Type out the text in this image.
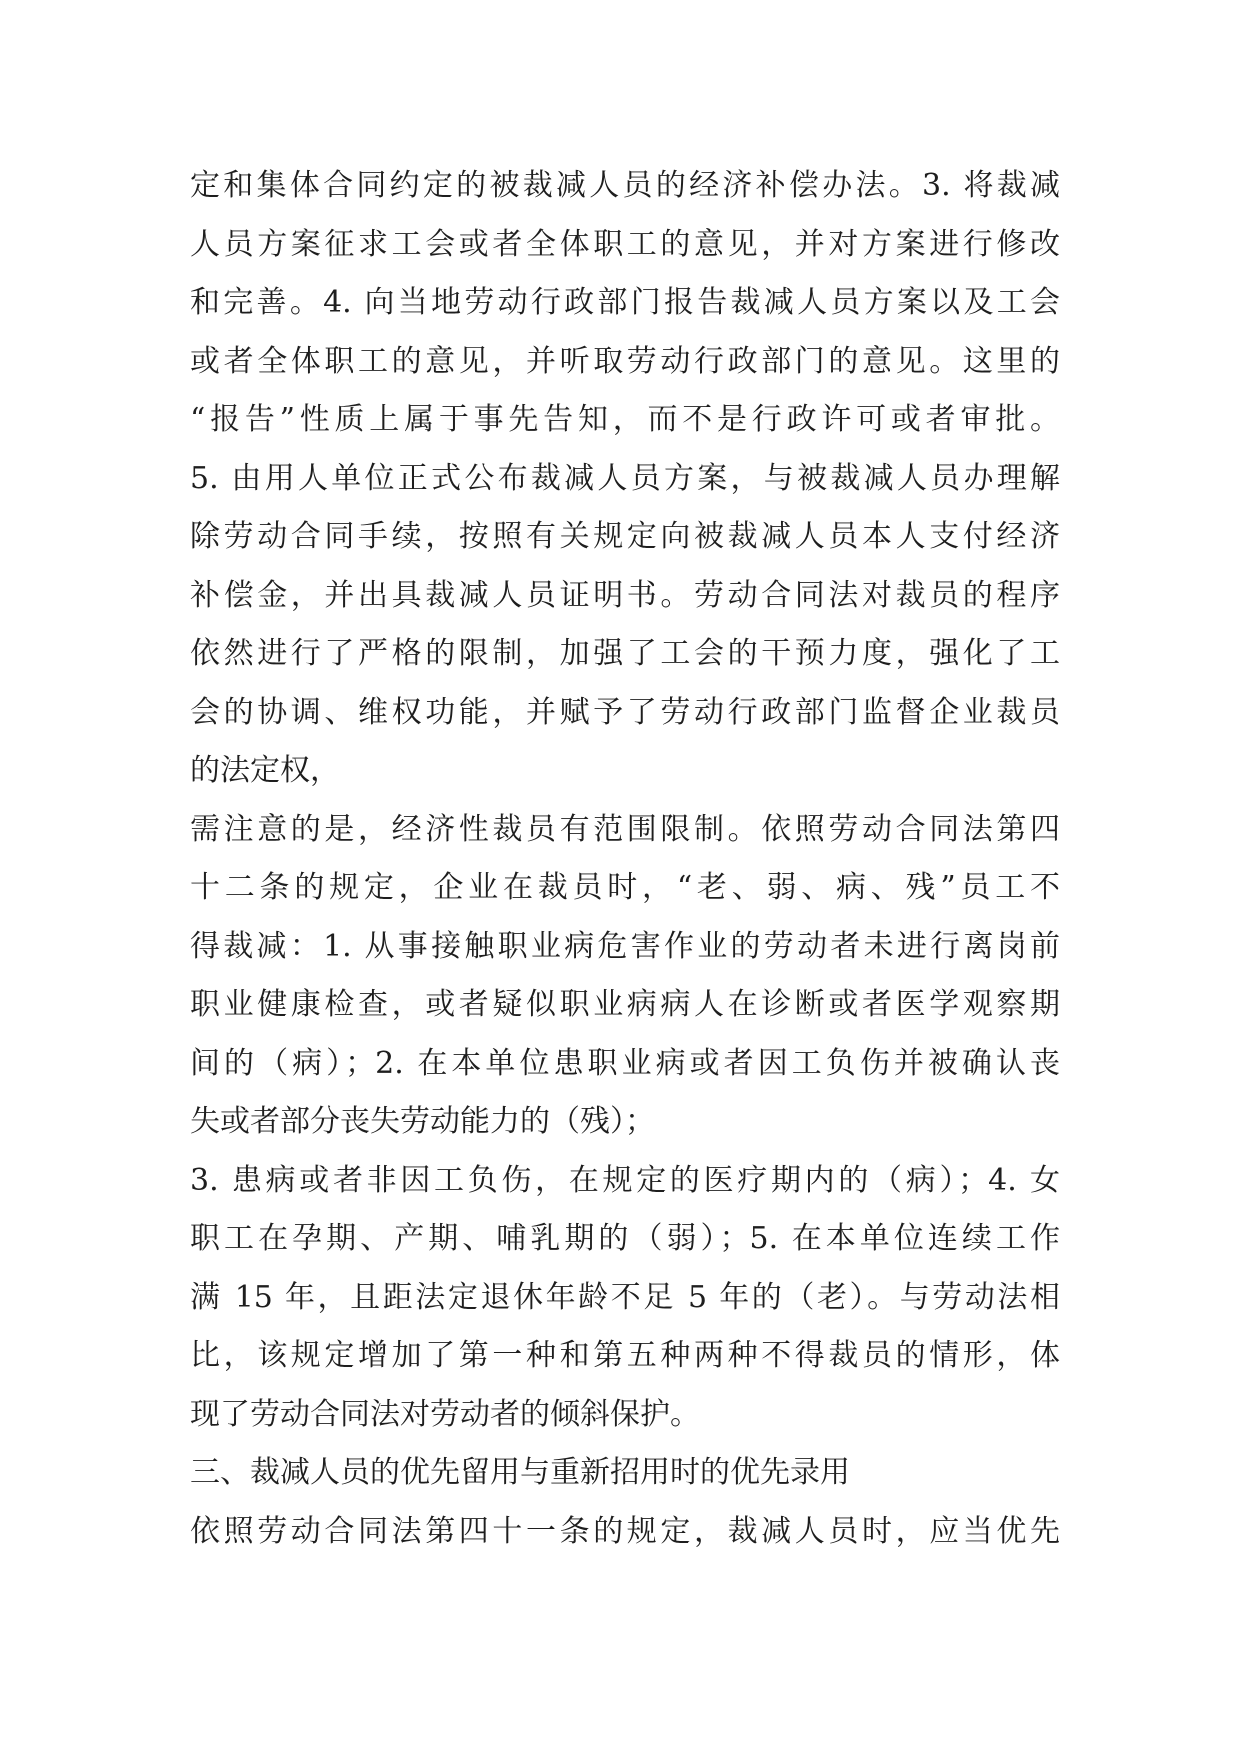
定和集体合同约定的被裁减人员的经济补偿办法。3. 将裁减
人员方案征求工会或者全体职工的意见，并对方案进行修改
和完善。4. 向当地劳动行政部门报告裁减人员方案以及工会
或者全体职工的意见，并听取劳动行政部门的意见。这里的
“报告”性质上属于事先告知，而不是行政许可或者审批。
5. 由用人单位正式公布裁减人员方案，与被裁减人员办理解
除劳动合同手续，按照有关规定向被裁减人员本人支付经济
补偿金，并出具裁减人员证明书。劳动合同法对裁员的程序
依然进行了严格的限制，加强了工会的干预力度，强化了工
会的协调、维权功能，并赋予了劳动行政部门监督企业裁员
的法定权，
需注意的是，经济性裁员有范围限制。依照劳动合同法第四
十二条的规定，企业在裁员时，“老、弱、病、残”员工不
得裁减：1. 从事接触职业病危害作业的劳动者未进行离岗前
职业健康检查，或者疑似职业病病人在诊断或者医学观察期
间的（病）；2. 在本单位患职业病或者因工负伤并被确认丧
失或者部分丧失劳动能力的（残）；
3. 患病或者非因工负伤，在规定的医疗期内的（病）；4. 女
职工在孕期、产期、哺乳期的（弱）；5. 在本单位连续工作
满 15 年，且距法定退休年龄不足 5 年的（老）。与劳动法相
比，该规定增加了第一种和第五种两种不得裁员的情形，体
现了劳动合同法对劳动者的倾斜保护。
三、裁减人员的优先留用与重新招用时的优先录用
依照劳动合同法第四十一条的规定，裁减人员时，应当优先
